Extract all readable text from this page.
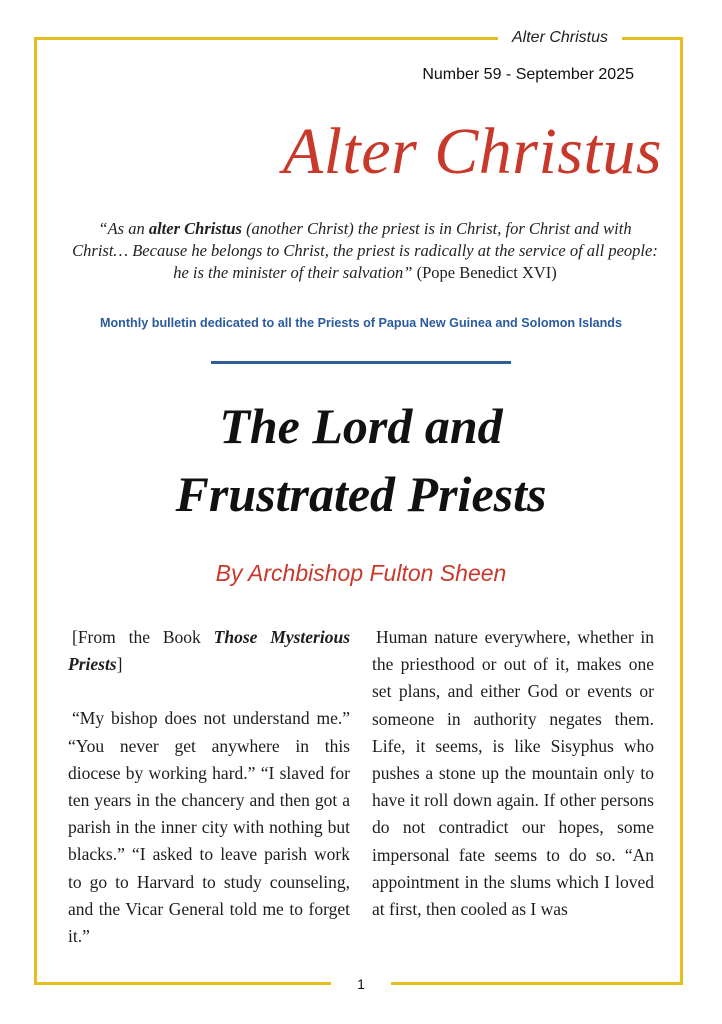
Alter Christus
Number 59 - September 2025
Alter Christus
“As an alter Christus (another Christ) the priest is in Christ, for Christ and with Christ… Because he belongs to Christ, the priest is radically at the service of all people: he is the minister of their salvation” (Pope Benedict XVI)
Monthly bulletin dedicated to all the Priests of Papua New Guinea and Solomon Islands
The Lord and
Frustrated Priests
By Archbishop Fulton Sheen

[From the Book Those Mysterious Priests]

“My bishop does not understand me.” “You never get anywhere in this diocese by working hard.” “I slaved for ten years in the chancery and then got a parish in the inner city with nothing but blacks.” “I asked to leave parish work to go to Harvard to study counseling, and the Vicar General told me to forget it.”

Human nature everywhere, whether in the priesthood or out of it, makes one set plans, and either God or events or someone in authority negates them. Life, it seems, is like Sisyphus who pushes a stone up the mountain only to have it roll down again. If other persons do not contradict our hopes, some impersonal fate seems to do so. “An appointment in the slums which I loved at first, then cooled as I was

1
